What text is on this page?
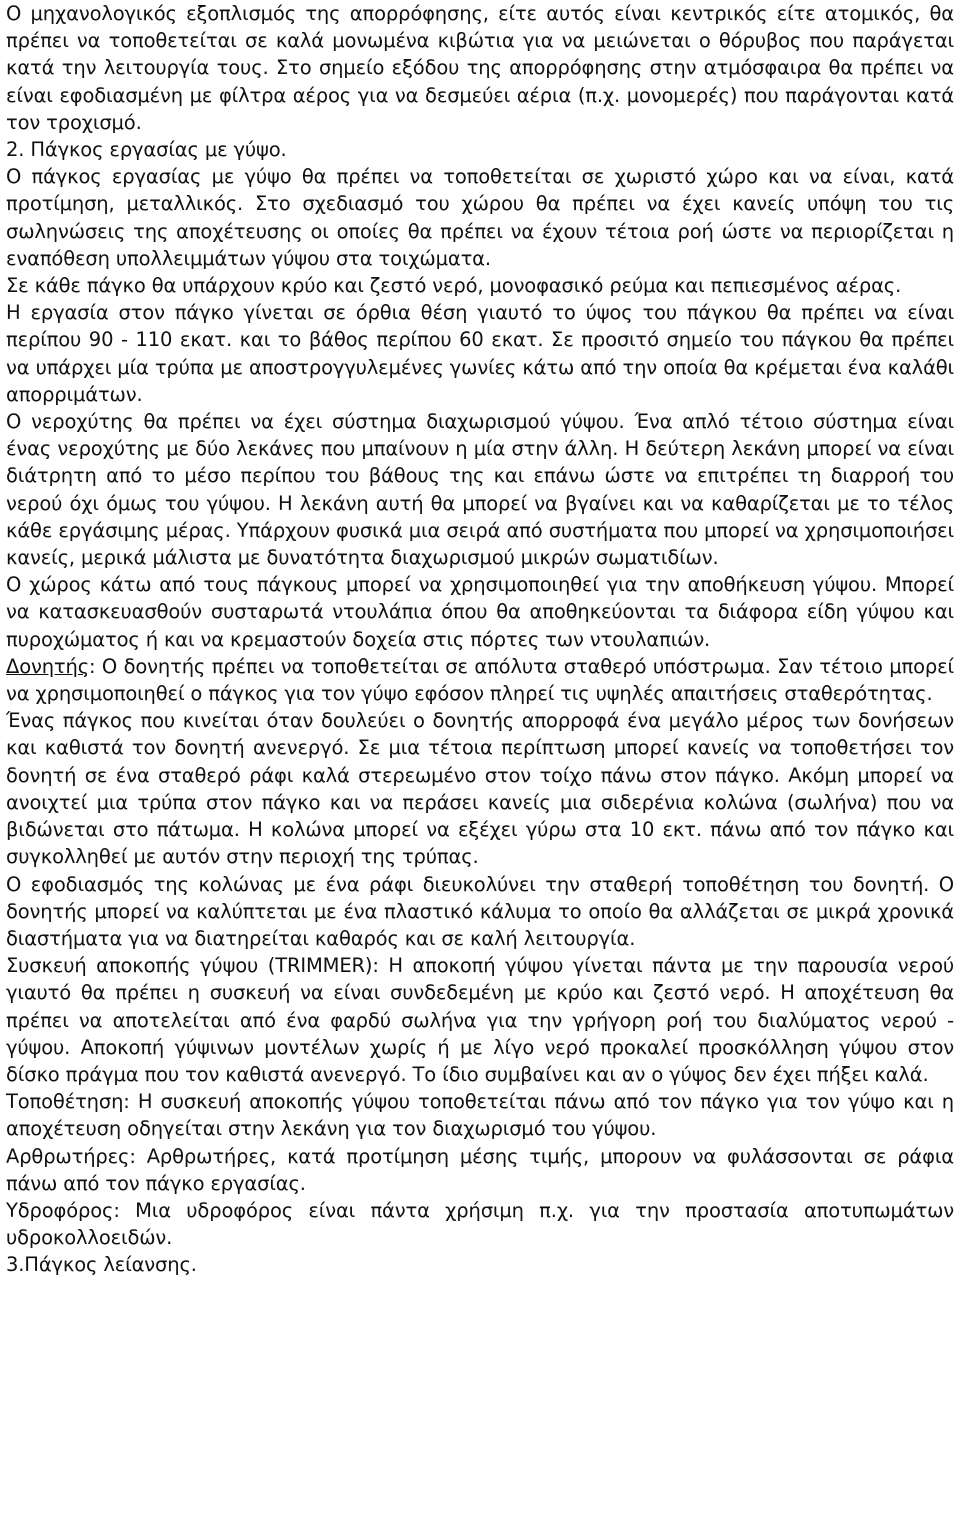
Ο μηχανολογικός εξοπλισμός της απορρόφησης, είτε αυτός είναι κεντρικός είτε ατομικός, θα πρέπει να τοποθετείται σε καλά μονωμένα κιβώτια για να μειώνεται ο θόρυβος που παράγεται κατά την λειτουργία τους. Στο σημείο εξόδου της απορρόφησης στην ατμόσφαιρα θα πρέπει να είναι εφοδιασμένη με φίλτρα αέρος για να δεσμεύει αέρια (π.χ. μονομερές) που παράγονται κατά τον τροχισμό.

2. Πάγκος εργασίας με γύψο.

Ο πάγκος εργασίας με γύψο θα πρέπει να τοποθετείται σε χωριστό χώρο και να είναι, κατά προτίμηση, μεταλλικός. Στο σχεδιασμό του χώρου θα πρέπει να έχει κανείς υπόψη του τις σωληνώσεις της αποχέτευσης οι οποίες θα πρέπει να έχουν τέτοια ροή ώστε να περιορίζεται η εναπόθεση υπολλειμμάτων γύψου στα τοιχώματα.

Σε κάθε πάγκο θα υπάρχουν κρύο και ζεστό νερό, μονοφασικό ρεύμα και πεπιεσμένος αέρας.

Η εργασία στον πάγκο γίνεται σε όρθια θέση γιαυτό το ύψος του πάγκου θα πρέπει να είναι περίπου 90 - 110 εκατ. και το βάθος περίπου 60 εκατ. Σε προσιτό σημείο του πάγκου θα πρέπει να υπάρχει μία τρύπα με αποστρογγυλεμένες γωνίες κάτω από την οποία θα κρέμεται ένα καλάθι απορριμάτων.

Ο νεροχύτης θα πρέπει να έχει σύστημα διαχωρισμού γύψου. Ένα απλό τέτοιο σύστημα είναι ένας νεροχύτης με δύο λεκάνες που μπαίνουν η μία στην άλλη. Η δεύτερη λεκάνη μπορεί να είναι διάτρητη από το μέσο περίπου του βάθους της και επάνω ώστε να επιτρέπει τη διαρροή του νερού όχι όμως του γύψου. Η λεκάνη αυτή θα μπορεί να βγαίνει και να καθαρίζεται με το τέλος κάθε εργάσιμης μέρας. Υπάρχουν φυσικά μια σειρά από συστήματα που μπορεί να χρησιμοποιήσει κανείς, μερικά μάλιστα με δυνατότητα διαχωρισμού μικρών σωματιδίων.

Ο χώρος κάτω από τους πάγκους μπορεί να χρησιμοποιηθεί για την αποθήκευση γύψου. Μπορεί να κατασκευασθούν συσταρωτά ντουλάπια όπου θα αποθηκεύονται τα διάφορα είδη γύψου και πυροχώματος ή και να κρεμαστούν δοχεία στις πόρτες των ντουλαπιών.

Δονητής: Ο δονητής πρέπει να τοποθετείται σε απόλυτα σταθερό υπόστρωμα. Σαν τέτοιο μπορεί να χρησιμοποιηθεί ο πάγκος για τον γύψο εφόσον πληρεί τις υψηλές απαιτήσεις σταθερότητας.

Ένας πάγκος που κινείται όταν δουλεύει ο δονητής απορροφά ένα μεγάλο μέρος των δονήσεων και καθιστά τον δονητή ανενεργό. Σε μια τέτοια περίπτωση μπορεί κανείς να τοποθετήσει τον δονητή σε ένα σταθερό ράφι καλά στερεωμένο στον τοίχο πάνω στον πάγκο. Ακόμη μπορεί να ανοιχτεί μια τρύπα στον πάγκο και να περάσει κανείς μια σιδερένια κολώνα (σωλήνα) που να βιδώνεται στο πάτωμα. Η κολώνα μπορεί να εξέχει γύρω στα 10 εκτ. πάνω από τον πάγκο και συγκολληθεί με αυτόν στην περιοχή της τρύπας.

Ο εφοδιασμός της κολώνας με ένα ράφι διευκολύνει την σταθερή τοποθέτηση του δονητή. Ο δονητής μπορεί να καλύπτεται με ένα πλαστικό κάλυμα το οποίο θα αλλάζεται σε μικρά χρονικά διαστήματα για να διατηρείται καθαρός και σε καλή λειτουργία.

Συσκευή αποκοπής γύψου (TRIMMER): Η αποκοπή γύψου γίνεται πάντα με την παρουσία νερού γιαυτό θα πρέπει η συσκευή να είναι συνδεδεμένη με κρύο και ζεστό νερό. Η αποχέτευση θα πρέπει να αποτελείται από ένα φαρδύ σωλήνα για την γρήγορη ροή του διαλύματος νερού - γύψου. Αποκοπή γύψινων μοντέλων χωρίς ή με λίγο νερό προκαλεί προσκόλληση γύψου στον δίσκο πράγμα που τον καθιστά ανενεργό. Το ίδιο συμβαίνει και αν ο γύψος δεν έχει πήξει καλά.

Τοποθέτηση: Η συσκευή αποκοπής γύψου τοποθετείται πάνω από τον πάγκο για τον γύψο και η αποχέτευση οδηγείται στην λεκάνη για τον διαχωρισμό του γύψου.

Αρθρωτήρες: Αρθρωτήρες, κατά προτίμηση μέσης τιμής, μπορουν να φυλάσσονται σε ράφια πάνω από τον πάγκο εργασίας.

Υδροφόρος: Μια υδροφόρος είναι πάντα χρήσιμη π.χ. για την προστασία αποτυπωμάτων υδροκολλοειδών.

3.Πάγκος λείανσης.
